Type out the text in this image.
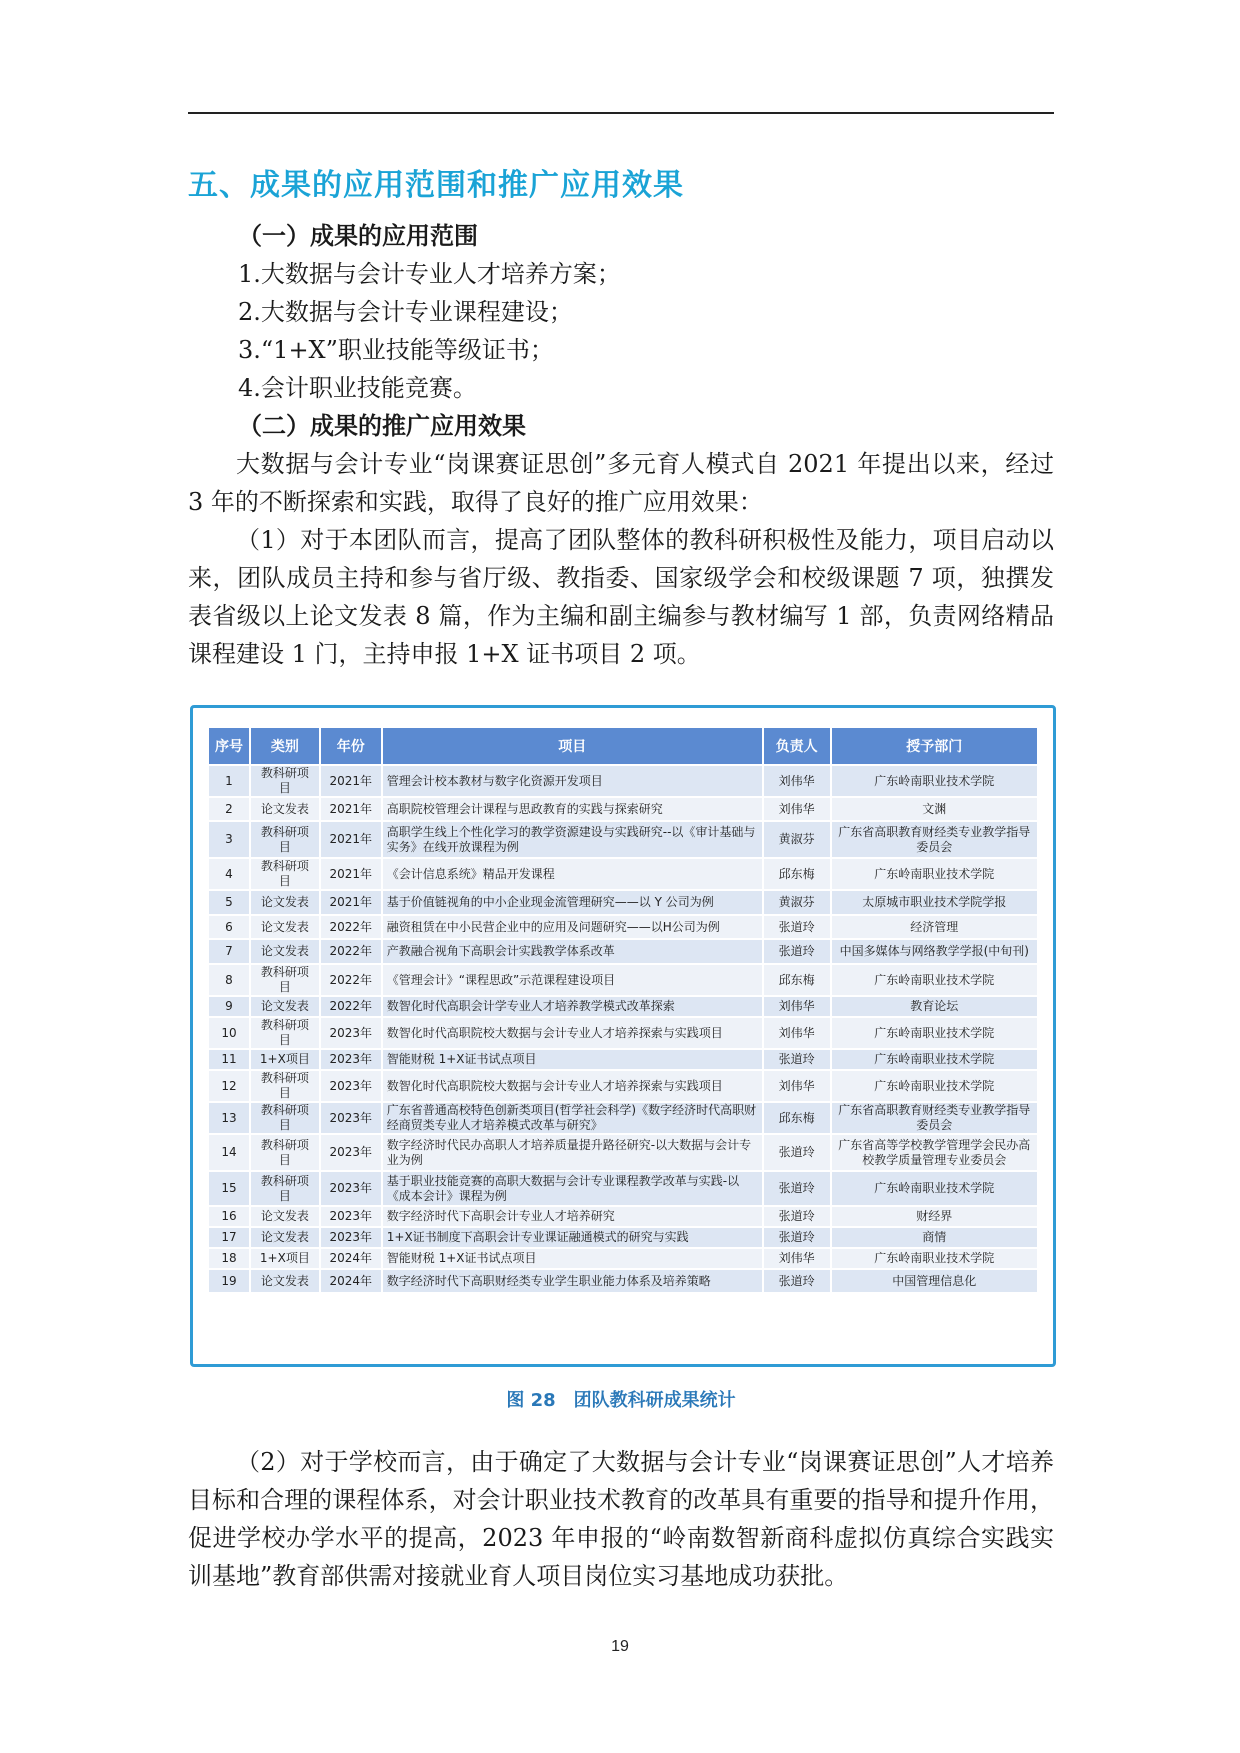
五、成果的应用范围和推广应用效果
（一）成果的应用范围
1.大数据与会计专业人才培养方案；
2.大数据与会计专业课程建设；
3.“1+X”职业技能等级证书；
4.会计职业技能竞赛。
（二）成果的推广应用效果
大数据与会计专业“岗课赛证思创”多元育人模式自 2021 年提出以来，经过 3 年的不断探索和实践，取得了良好的推广应用效果：
（1）对于本团队而言，提高了团队整体的教科研积极性及能力，项目启动以来，团队成员主持和参与省厅级、教指委、国家级学会和校级课题 7 项，独撰发表省级以上论文发表 8 篇，作为主编和副主编参与教材编写 1 部，负责网络精品课程建设 1 门，主持申报 1+X 证书项目 2 项。
序号	类别	年份	项目	负责人	授予部门
1	教科研项目	2021年	管理会计校本教材与数字化资源开发项目	刘伟华	广东岭南职业技术学院
2	论文发表	2021年	高职院校管理会计课程与思政教育的实践与探索研究	刘伟华	文渊
3	教科研项目	2021年	高职学生线上个性化学习的教学资源建设与实践研究--以《审计基础与实务》在线开放课程为例	黄淑芬	广东省高职教育财经类专业教学指导委员会
4	教科研项目	2021年	《会计信息系统》精品开发课程	邱东梅	广东岭南职业技术学院
5	论文发表	2021年	基于价值链视角的中小企业现金流管理研究——以 Y 公司为例	黄淑芬	太原城市职业技术学院学报
6	论文发表	2022年	融资租赁在中小民营企业中的应用及问题研究——以H公司为例	张道玲	经济管理
7	论文发表	2022年	产教融合视角下高职会计实践教学体系改革	张道玲	中国多媒体与网络教学学报(中旬刊)
8	教科研项目	2022年	《管理会计》“课程思政”示范课程建设项目	邱东梅	广东岭南职业技术学院
9	论文发表	2022年	数智化时代高职会计学专业人才培养教学模式改革探索	刘伟华	教育论坛
10	教科研项目	2023年	数智化时代高职院校大数据与会计专业人才培养探索与实践项目	刘伟华	广东岭南职业技术学院
11	1+X项目	2023年	智能财税 1+X证书试点项目	张道玲	广东岭南职业技术学院
12	教科研项目	2023年	数智化时代高职院校大数据与会计专业人才培养探索与实践项目	刘伟华	广东岭南职业技术学院
13	教科研项目	2023年	广东省普通高校特色创新类项目(哲学社会科学)《数字经济时代高职财经商贸类专业人才培养模式改革与研究》	邱东梅	广东省高职教育财经类专业教学指导委员会
14	教科研项目	2023年	数字经济时代民办高职人才培养质量提升路径研究-以大数据与会计专业为例	张道玲	广东省高等学校教学管理学会民办高校教学质量管理专业委员会
15	教科研项目	2023年	基于职业技能竞赛的高职大数据与会计专业课程教学改革与实践-以《成本会计》课程为例	张道玲	广东岭南职业技术学院
16	论文发表	2023年	数字经济时代下高职会计专业人才培养研究	张道玲	财经界
17	论文发表	2023年	1+X证书制度下高职会计专业课证融通模式的研究与实践	张道玲	商情
18	1+X项目	2024年	智能财税 1+X证书试点项目	刘伟华	广东岭南职业技术学院
19	论文发表	2024年	数字经济时代下高职财经类专业学生职业能力体系及培养策略	张道玲	中国管理信息化
图 28　团队教科研成果统计
（2）对于学校而言，由于确定了大数据与会计专业“岗课赛证思创”人才培养目标和合理的课程体系，对会计职业技术教育的改革具有重要的指导和提升作用，促进学校办学水平的提高，2023 年申报的“岭南数智新商科虚拟仿真综合实践实训基地”教育部供需对接就业育人项目岗位实习基地成功获批。
19
